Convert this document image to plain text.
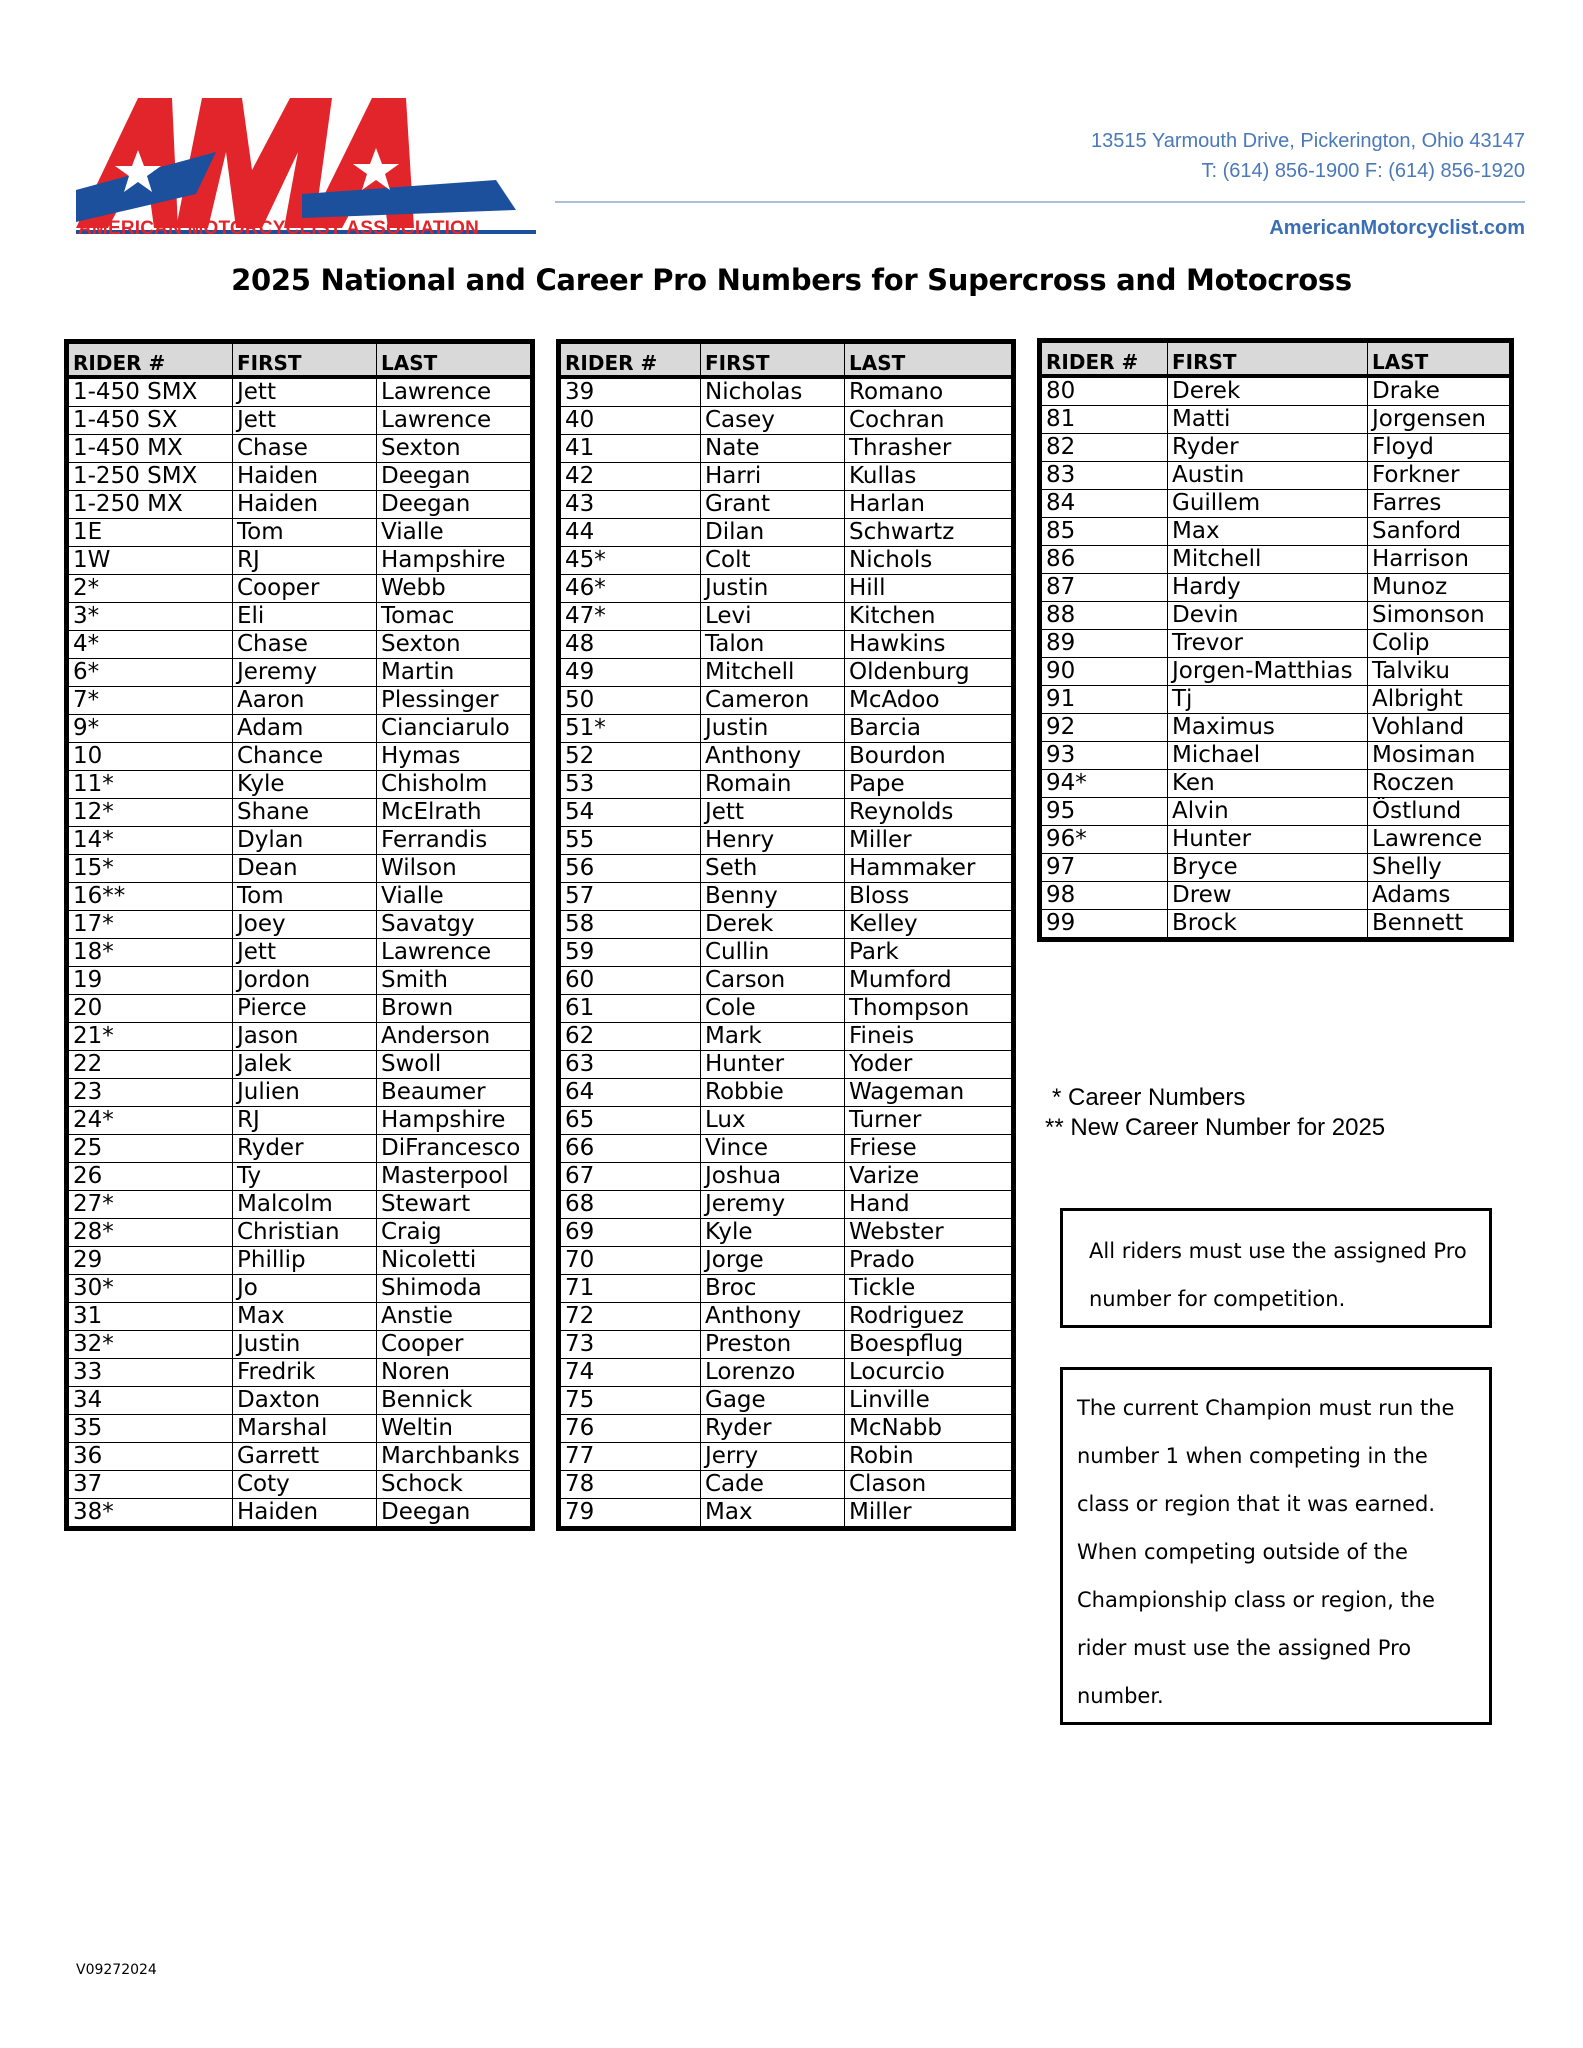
AMERICAN MOTORCYCLIST ASSOCIATION
13515 Yarmouth Drive, Pickerington, Ohio 43147
T: (614) 856-1900 F: (614) 856-1920
AmericanMotorcyclist.com
2025 National and Career Pro Numbers for Supercross and Motocross
RIDER #	FIRST	LAST
1-450 SMX	Jett	Lawrence
1-450 SX	Jett	Lawrence
1-450 MX	Chase	Sexton
1-250 SMX	Haiden	Deegan
1-250 MX	Haiden	Deegan
1E	Tom	Vialle
1W	RJ	Hampshire
2*	Cooper	Webb
3*	Eli	Tomac
4*	Chase	Sexton
6*	Jeremy	Martin
7*	Aaron	Plessinger
9*	Adam	Cianciarulo
10	Chance	Hymas
11*	Kyle	Chisholm
12*	Shane	McElrath
14*	Dylan	Ferrandis
15*	Dean	Wilson
16**	Tom	Vialle
17*	Joey	Savatgy
18*	Jett	Lawrence
19	Jordon	Smith
20	Pierce	Brown
21*	Jason	Anderson
22	Jalek	Swoll
23	Julien	Beaumer
24*	RJ	Hampshire
25	Ryder	DiFrancesco
26	Ty	Masterpool
27*	Malcolm	Stewart
28*	Christian	Craig
29	Phillip	Nicoletti
30*	Jo	Shimoda
31	Max	Anstie
32*	Justin	Cooper
33	Fredrik	Noren
34	Daxton	Bennick
35	Marshal	Weltin
36	Garrett	Marchbanks
37	Coty	Schock
38*	Haiden	Deegan
RIDER #	FIRST	LAST
39	Nicholas	Romano
40	Casey	Cochran
41	Nate	Thrasher
42	Harri	Kullas
43	Grant	Harlan
44	Dilan	Schwartz
45*	Colt	Nichols
46*	Justin	Hill
47*	Levi	Kitchen
48	Talon	Hawkins
49	Mitchell	Oldenburg
50	Cameron	McAdoo
51*	Justin	Barcia
52	Anthony	Bourdon
53	Romain	Pape
54	Jett	Reynolds
55	Henry	Miller
56	Seth	Hammaker
57	Benny	Bloss
58	Derek	Kelley
59	Cullin	Park
60	Carson	Mumford
61	Cole	Thompson
62	Mark	Fineis
63	Hunter	Yoder
64	Robbie	Wageman
65	Lux	Turner
66	Vince	Friese
67	Joshua	Varize
68	Jeremy	Hand
69	Kyle	Webster
70	Jorge	Prado
71	Broc	Tickle
72	Anthony	Rodriguez
73	Preston	Boespflug
74	Lorenzo	Locurcio
75	Gage	Linville
76	Ryder	McNabb
77	Jerry	Robin
78	Cade	Clason
79	Max	Miller
RIDER #	FIRST	LAST
80	Derek	Drake
81	Matti	Jorgensen
82	Ryder	Floyd
83	Austin	Forkner
84	Guillem	Farres
85	Max	Sanford
86	Mitchell	Harrison
87	Hardy	Munoz
88	Devin	Simonson
89	Trevor	Colip
90	Jorgen-Matthias	Talviku
91	Tj	Albright
92	Maximus	Vohland
93	Michael	Mosiman
94*	Ken	Roczen
95	Alvin	Östlund
96*	Hunter	Lawrence
97	Bryce	Shelly
98	Drew	Adams
99	Brock	Bennett
* Career Numbers
** New Career Number for 2025

All riders must use the assigned Pro

number for competition.

The current Champion must run the

number 1 when competing in the

class or region that it was earned.

When competing outside of the

Championship class or region, the

rider must use the assigned Pro

number.

V09272024
